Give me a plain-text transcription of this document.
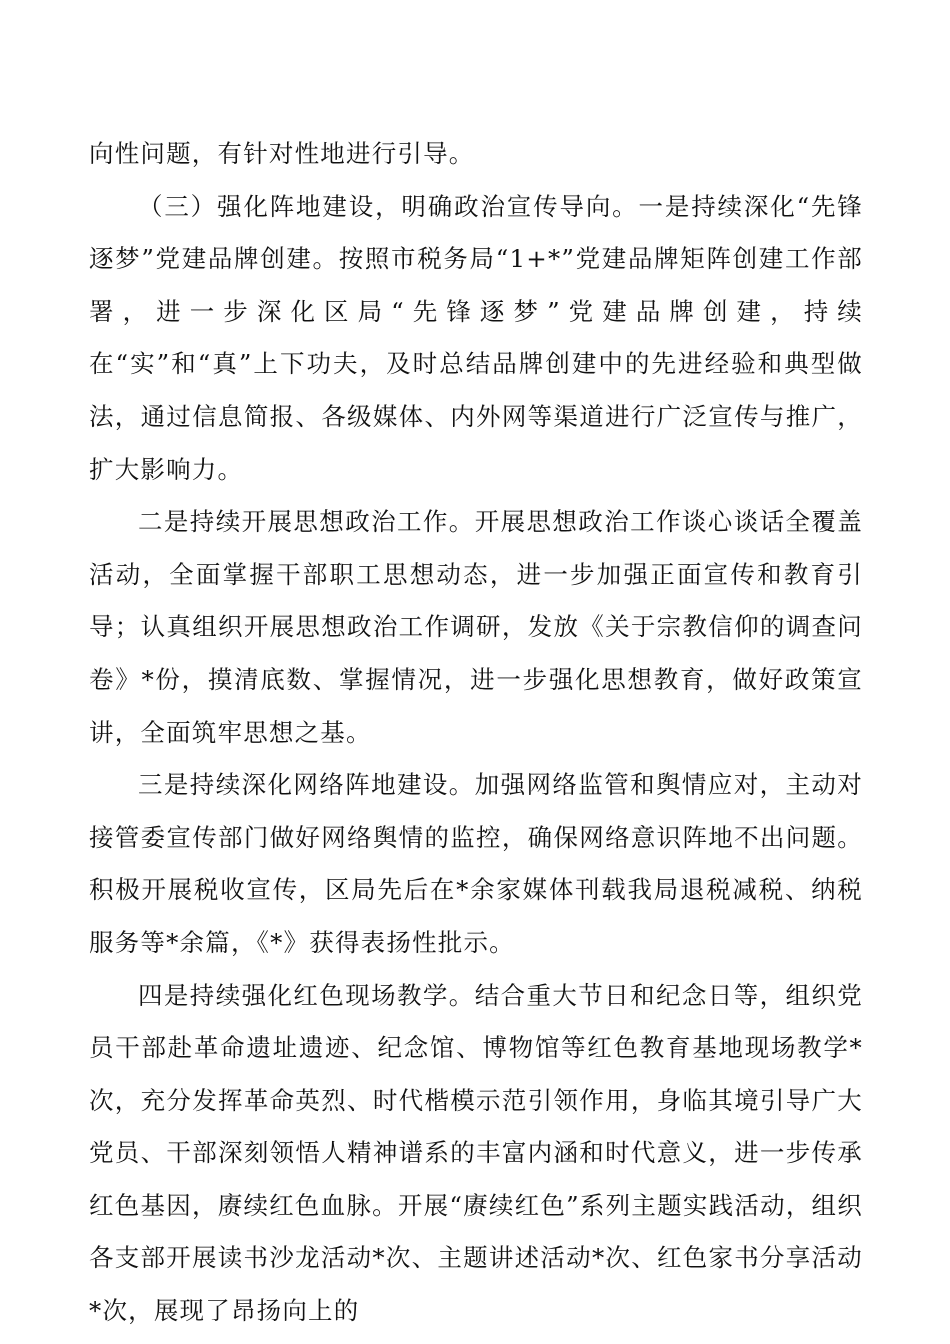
向性问题，有针对性地进行引导。

（三）强化阵地建设，明确政治宣传导向。一是持续深化“先锋逐梦”党建品牌创建。按照市税务局“1+*”党建品牌矩阵创建工作部署，进一步深化区局“先锋逐梦”党建品牌创建，持续在“实”和“真”上下功夫，及时总结品牌创建中的先进经验和典型做法，通过信息简报、各级媒体、内外网等渠道进行广泛宣传与推广，扩大影响力。

二是持续开展思想政治工作。开展思想政治工作谈心谈话全覆盖活动，全面掌握干部职工思想动态，进一步加强正面宣传和教育引导；认真组织开展思想政治工作调研，发放《关于宗教信仰的调查问卷》*份，摸清底数、掌握情况，进一步强化思想教育，做好政策宣讲，全面筑牢思想之基。

三是持续深化网络阵地建设。加强网络监管和舆情应对，主动对接管委宣传部门做好网络舆情的监控，确保网络意识阵地不出问题。积极开展税收宣传，区局先后在*余家媒体刊载我局退税减税、纳税服务等*余篇，《*》获得表扬性批示。

四是持续强化红色现场教学。结合重大节日和纪念日等，组织党员干部赴革命遗址遗迹、纪念馆、博物馆等红色教育基地现场教学*次，充分发挥革命英烈、时代楷模示范引领作用，身临其境引导广大党员、干部深刻领悟人精神谱系的丰富内涵和时代意义，进一步传承红色基因，赓续红色血脉。开展“赓续红色”系列主题实践活动，组织各支部开展读书沙龙活动*次、主题讲述活动*次、红色家书分享活动*次，展现了昂扬向上的
